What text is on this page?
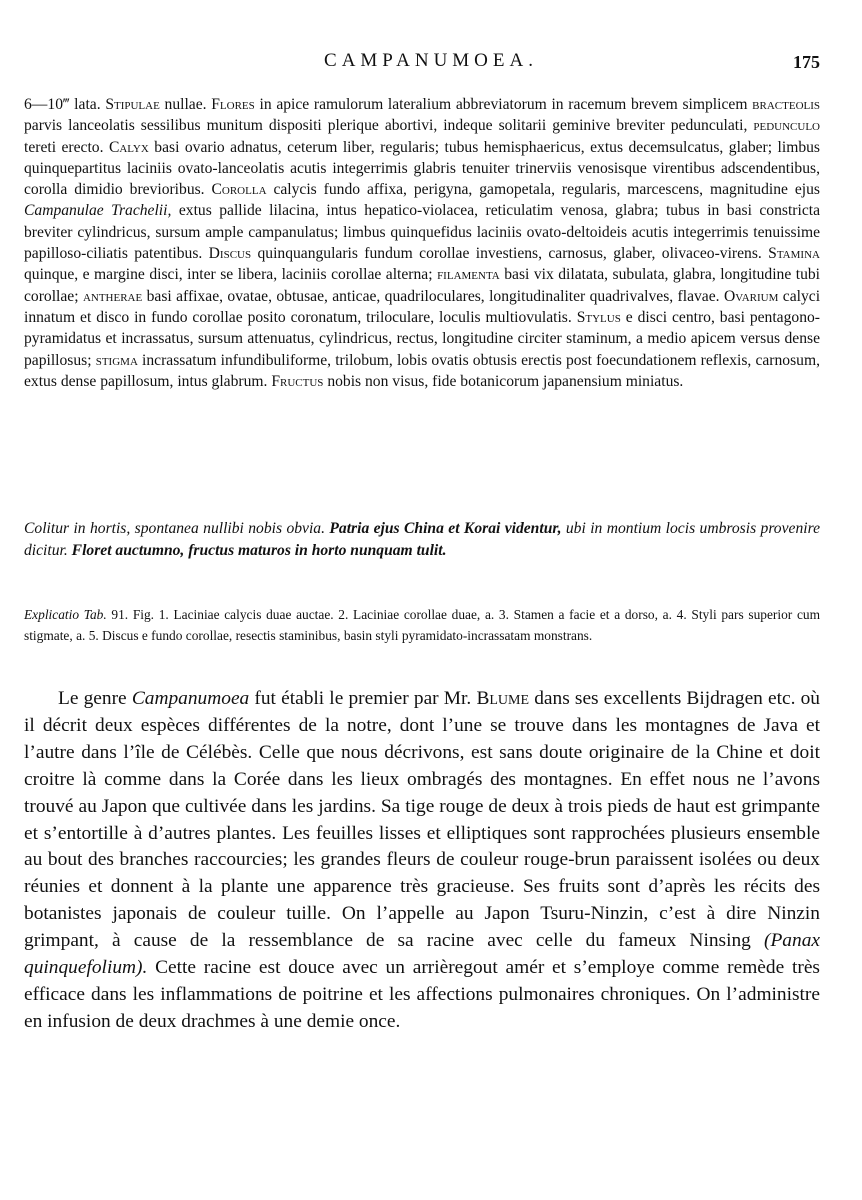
CAMPANUMOEA.	175
6—10‴ lata. Stipulae nullae. Flores in apice ramulorum lateralium abbreviatorum in racemum brevem simplicem bracteolis parvis lanceolatis sessilibus munitum dispositi plerique abortivi, indeque solitarii geminive breviter pedunculati, pedunculo tereti erecto. Calyx basi ovario adnatus, ceterum liber, regularis; tubus hemisphaericus, extus decemsulcatus, glaber; limbus quinquepartitus laciniis ovato-lanceolatis acutis integerrimis glabris tenuiter trinerviis venosisque virentibus adscendentibus, corolla dimidio brevioribus. Corolla calycis fundo affixa, perigyna, gamopetala, regularis, marcescens, magnitudine ejus Campanulae Trachelii, extus pallide lilacina, intus hepatico-violacea, reticulatim venosa, glabra; tubus in basi constricta breviter cylindricus, sursum ample campanulatus; limbus quinquefidus laciniis ovato-deltoideis acutis integerrimis tenuissime papilloso-ciliatis patentibus. Discus quinquangularis fundum corollae investiens, carnosus, glaber, olivaceo-virens. Stamina quinque, e margine disci, inter se libera, laciniis corollae alterna; filamenta basi vix dilatata, subulata, glabra, longitudine tubi corollae; antherae basi affixae, ovatae, obtusae, anticae, quadriloculares, longitudinaliter quadrivalves, flavae. Ovarium calyci innatum et disco in fundo corollae posito coronatum, triloculare, loculis multiovulatis. Stylus e disci centro, basi pentagono-pyramidatus et incrassatus, sursum attenuatus, cylindricus, rectus, longitudine circiter staminum, a medio apicem versus dense papillosus; stigma incrassatum infundibuliforme, trilobum, lobis ovatis obtusis erectis post foecundationem reflexis, carnosum, extus dense papillosum, intus glabrum. Fructus nobis non visus, fide botanicorum japanensium miniatus.
Colitur in hortis, spontanea nullibi nobis obvia. Patria ejus China et Korai videntur, ubi in montium locis umbrosis provenire dicitur. Floret auctumno, fructus maturos in horto nunquam tulit.
Explicatio Tab. 91. Fig. 1. Laciniae calycis duae auctae. 2. Laciniae corollae duae, a. 3. Stamen a facie et a dorso, a. 4. Styli pars superior cum stigmate, a. 5. Discus e fundo corollae, resectis staminibus, basin styli pyramidato-incrassatam monstrans.
Le genre Campanumoea fut établi le premier par Mr. Blume dans ses excellents Bijdragen etc. où il décrit deux espèces différentes de la notre, dont l’une se trouve dans les montagnes de Java et l’autre dans l’île de Célébès. Celle que nous décrivons, est sans doute originaire de la Chine et doit croitre là comme dans la Corée dans les lieux ombragés des montagnes. En effet nous ne l’avons trouvé au Japon que cultivée dans les jardins. Sa tige rouge de deux à trois pieds de haut est grimpante et s’entortille à d’autres plantes. Les feuilles lisses et elliptiques sont rapprochées plusieurs ensemble au bout des branches raccourcies; les grandes fleurs de couleur rouge-brun paraissent isolées ou deux réunies et donnent à la plante une apparence très gracieuse. Ses fruits sont d’après les récits des botanistes japonais de couleur tuille. On l’appelle au Japon Tsuru-Ninzin, c’est à dire Ninzin grimpant, à cause de la ressemblance de sa racine avec celle du fameux Ninsing (Panax quinquefolium). Cette racine est douce avec un arrièregout amér et s’employe comme remède très efficace dans les inflammations de poitrine et les affections pulmonaires chroniques. On l’administre en infusion de deux drachmes à une demie once.
